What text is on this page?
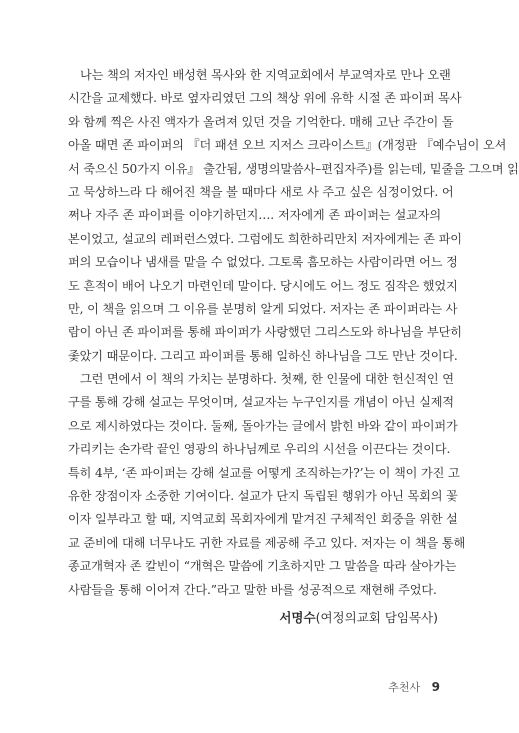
나는 책의 저자인 배성현 목사와 한 지역교회에서 부교역자로 만나 오랜
시간을 교제했다. 바로 옆자리였던 그의 책상 위에 유학 시절 존 파이퍼 목사
와 함께 찍은 사진 액자가 올려져 있던 것을 기억한다. 매해 고난 주간이 돌
아올 때면 존 파이퍼의 『더 패션 오브 지저스 크라이스트』(개정판 『예수님이 오셔
서 죽으신 50가지 이유』 출간됨, 생명의말씀사–편집자주)를 읽는데, 밑줄을 그으며 읽
고 묵상하느라 다 해어진 책을 볼 때마다 새로 사 주고 싶은 심정이었다. 어
쩌나 자주 존 파이퍼를 이야기하던지…. 저자에게 존 파이퍼는 설교자의
본이었고, 설교의 레퍼런스였다. 그럼에도 희한하리만치 저자에게는 존 파이
퍼의 모습이나 냄새를 맡을 수 없었다. 그토록 흠모하는 사람이라면 어느 정
도 흔적이 배어 나오기 마련인데 말이다. 당시에도 어느 정도 짐작은 했었지
만, 이 책을 읽으며 그 이유를 분명히 알게 되었다. 저자는 존 파이퍼라는 사
람이 아닌 존 파이퍼를 통해 파이퍼가 사랑했던 그리스도와 하나님을 부단히
좇았기 때문이다. 그리고 파이퍼를 통해 일하신 하나님을 그도 만난 것이다.
그런 면에서 이 책의 가치는 분명하다. 첫째, 한 인물에 대한 헌신적인 연
구를 통해 강해 설교는 무엇이며, 설교자는 누구인지를 개념이 아닌 실제적
으로 제시하였다는 것이다. 둘째, 돌아가는 글에서 밝힌 바와 같이 파이퍼가
가리키는 손가락 끝인 영광의 하나님께로 우리의 시선을 이끈다는 것이다.
특히 4부, ‘존 파이퍼는 강해 설교를 어떻게 조직하는가?’는 이 책이 가진 고
유한 장점이자 소중한 기여이다. 설교가 단지 독립된 행위가 아닌 목회의 꽃
이자 일부라고 할 때, 지역교회 목회자에게 맡겨진 구체적인 회중을 위한 설
교 준비에 대해 너무나도 귀한 자료를 제공해 주고 있다. 저자는 이 책을 통해
종교개혁자 존 칼빈이 “개혁은 말씀에 기초하지만 그 말씀을 따라 살아가는
사람들을 통해 이어져 간다.”라고 말한 바를 성공적으로 재현해 주었다.
서명수(여정의교회 담임목사)
추천사 9
